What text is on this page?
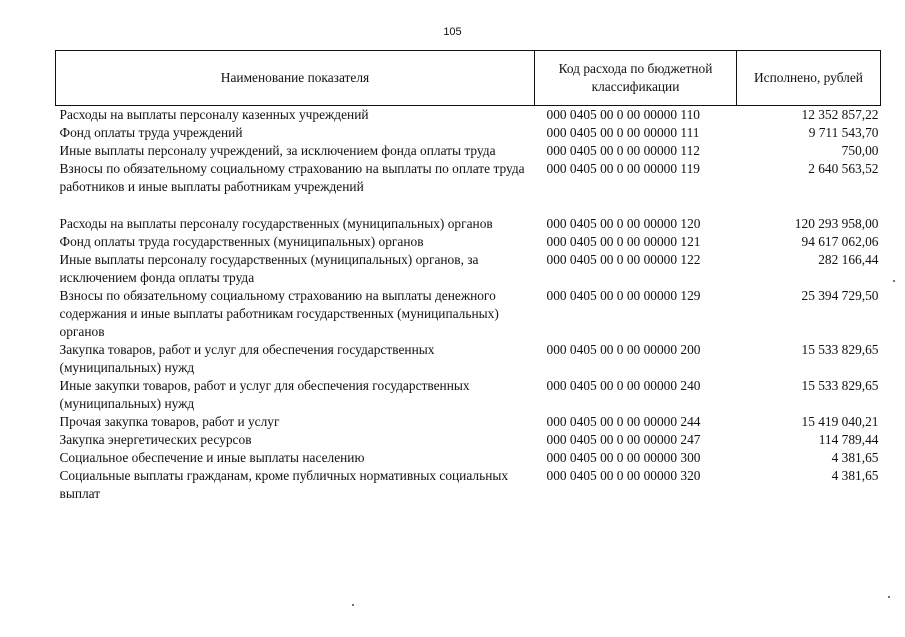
105
Наименование показателя	Код расхода по бюджетной классификации	Исполнено, рублей
Расходы на выплаты персоналу казенных учреждений	000 0405 00 0 00 00000 110	12 352 857,22
Фонд оплаты труда учреждений	000 0405 00 0 00 00000 111	9 711 543,70
Иные выплаты персоналу учреждений, за исключением фонда оплаты труда	000 0405 00 0 00 00000 112	750,00
Взносы по обязательному социальному страхованию на выплаты по оплате труда работников и иные выплаты работникам учреждений	000 0405 00 0 00 00000 119	2 640 563,52
Расходы на выплаты персоналу государственных (муниципальных) органов	000 0405 00 0 00 00000 120	120 293 958,00
Фонд оплаты труда государственных (муниципальных) органов	000 0405 00 0 00 00000 121	94 617 062,06
Иные выплаты персоналу государственных (муниципальных) органов, за исключением фонда оплаты труда	000 0405 00 0 00 00000 122	282 166,44
Взносы по обязательному социальному страхованию на выплаты денежного содержания и иные выплаты работникам государственных (муниципальных) органов	000 0405 00 0 00 00000 129	25 394 729,50
Закупка товаров, работ и услуг для обеспечения государственных (муниципальных) нужд	000 0405 00 0 00 00000 200	15 533 829,65
Иные закупки товаров, работ и услуг для обеспечения государственных (муниципальных) нужд	000 0405 00 0 00 00000 240	15 533 829,65
Прочая закупка товаров, работ и услуг	000 0405 00 0 00 00000 244	15 419 040,21
Закупка энергетических ресурсов	000 0405 00 0 00 00000 247	114 789,44
Социальное обеспечение и иные выплаты населению	000 0405 00 0 00 00000 300	4 381,65
Социальные выплаты гражданам, кроме публичных нормативных социальных выплат	000 0405 00 0 00 00000 320	4 381,65
